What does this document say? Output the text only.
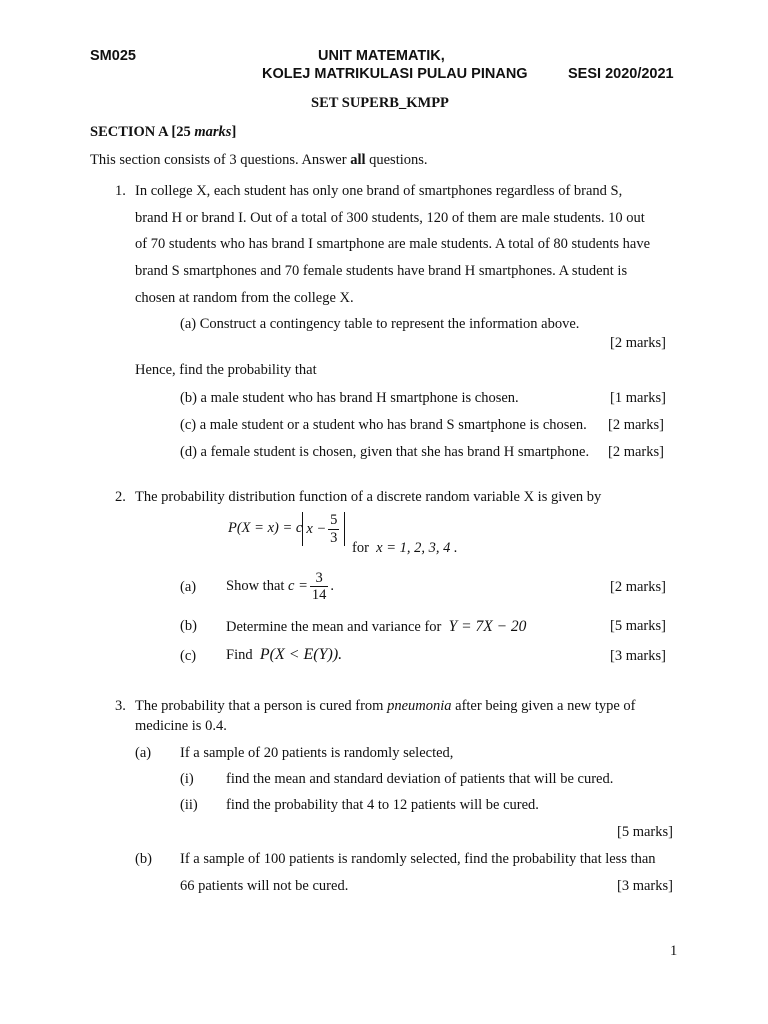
SM025	UNIT MATEMATIK,
KOLEJ MATRIKULASI PULAU PINANG	SESI 2020/2021
SET SUPERB_KMPP
SECTION A [25 marks]
This section consists of 3 questions. Answer all questions.
1. In college X, each student has only one brand of smartphones regardless of brand S,
brand H or brand I. Out of a total of 300 students, 120 of them are male students. 10 out
of 70 students who has brand I smartphone are male students. A total of 80 students have
brand S smartphones and 70 female students have brand H smartphones. A student is
chosen at random from the college X.
(a) Construct a contingency table to represent the information above.
[2 marks]
Hence, find the probability that
(b) a male student who has brand H smartphone is chosen.	[1 marks]
(c) a male student or a student who has brand S smartphone is chosen. [2 marks]
(d) a female student is chosen, given that she has brand H smartphone. [2 marks]
2. The probability distribution function of a discrete random variable X is given by
P(X = x) = c $x - \frac{5}{3}$
for x = 1, 2, 3, 4 .
(a) Show that $c = \frac{3}{14}$ .	[2 marks]
(b) Determine the mean and variance for Y = 7X − 20	[5 marks]
(c) Find P(X < E(Y)).	[3 marks]
3. The probability that a person is cured from pneumonia after being given a new type of
medicine is 0.4.
(a) If a sample of 20 patients is randomly selected,
(i) find the mean and standard deviation of patients that will be cured.
(ii) find the probability that 4 to 12 patients will be cured.
[5 marks]
(b) If a sample of 100 patients is randomly selected, find the probability that less than
66 patients will not be cured.	[3 marks]
1
